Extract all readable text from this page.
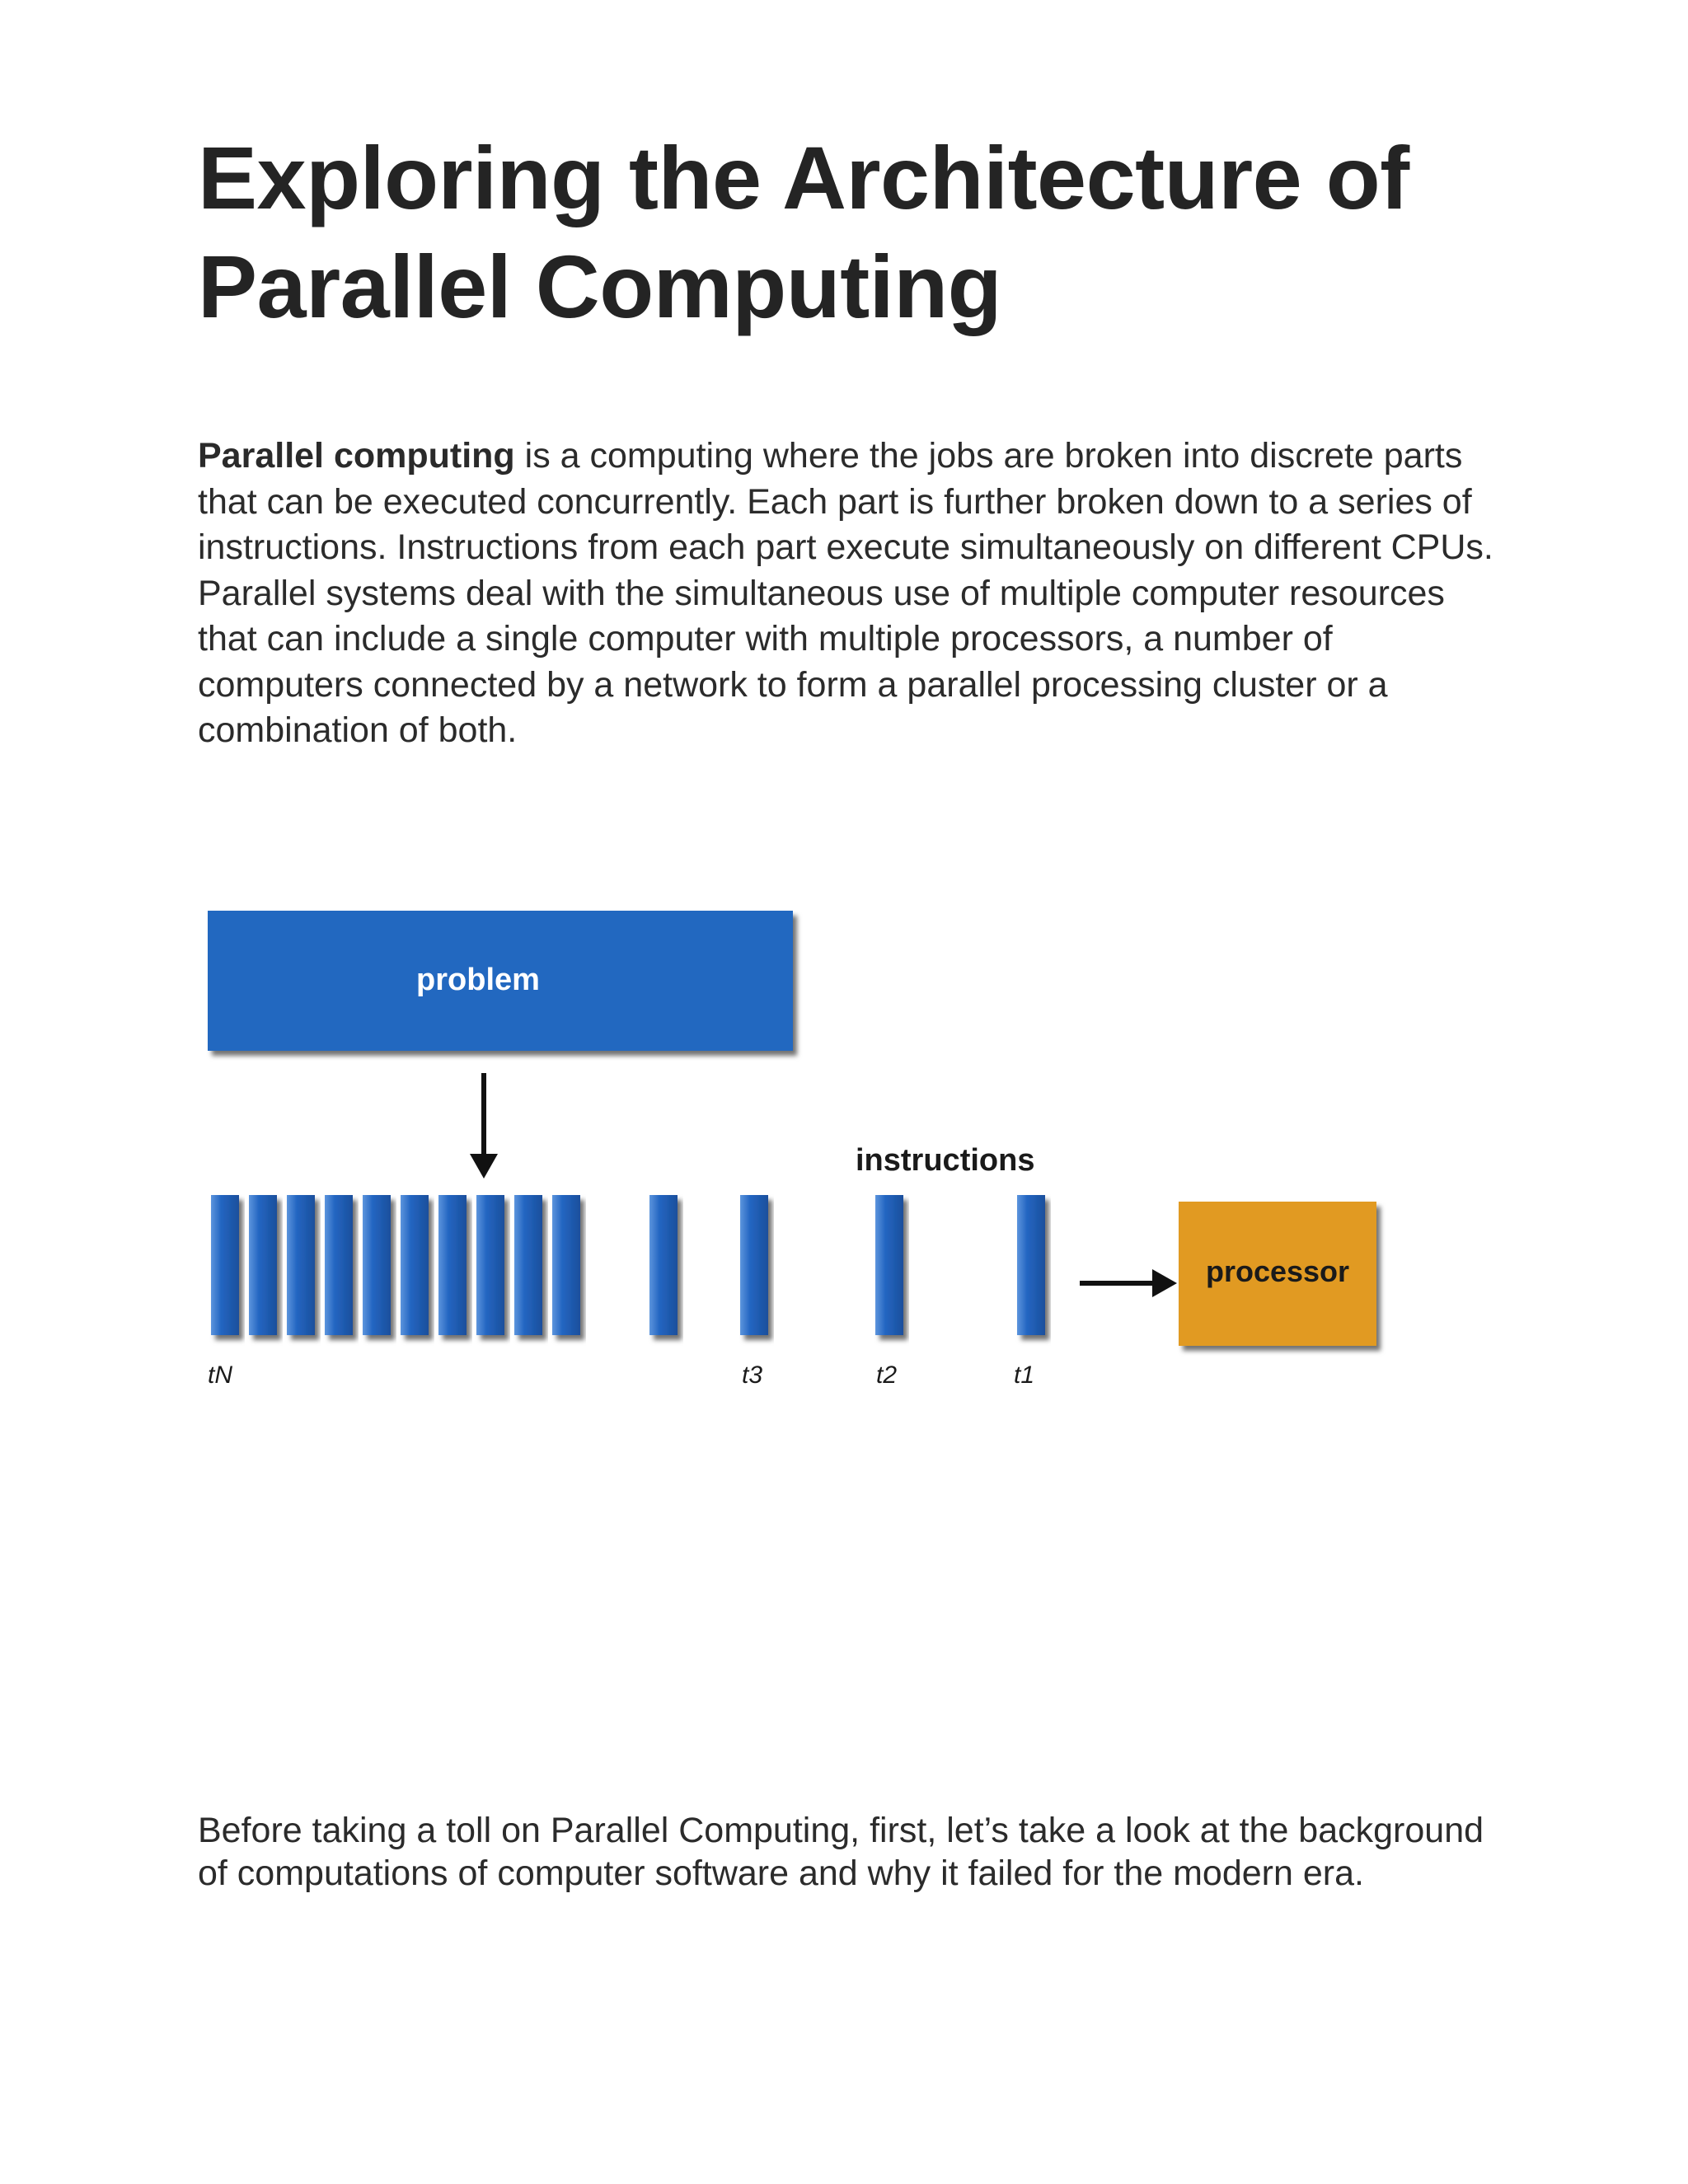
Exploring the Architecture of Parallel Computing

Parallel computing is a computing where the jobs are broken into discrete parts that can be executed concurrently. Each part is further broken down to a series of instructions. Instructions from each part execute simultaneously on different CPUs. Parallel systems deal with the simultaneous use of multiple computer resources that can include a single computer with multiple processors, a number of computers connected by a network to form a parallel processing cluster or a combination of both.

problem
instructions
processor
tN	t3	t2	t1

Before taking a toll on Parallel Computing, first, let’s take a look at the background of computations of computer software and why it failed for the modern era.
